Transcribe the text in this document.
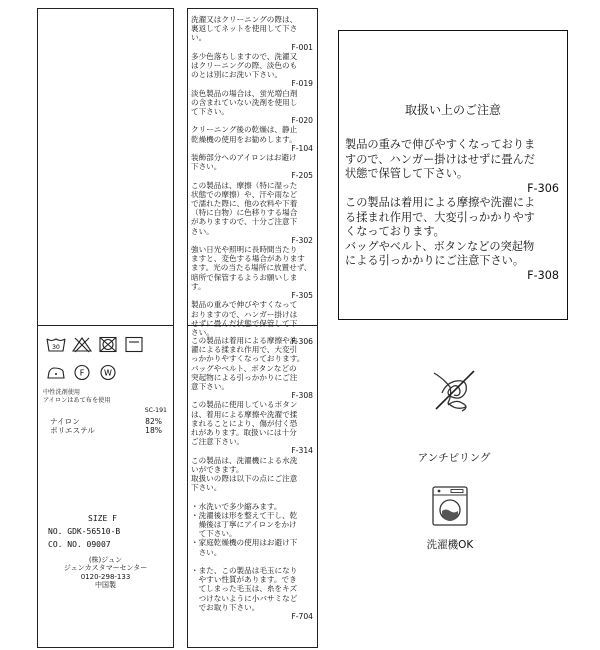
30
F W
中性洗剤使用
アイロンはあて布を使用
SC-191
ナイロン	82%
ポリエステル	18%
SIZE F
NO. GDK-56510-B
CO. NO. 09007
(株)ジュン
ジュンカスタマーセンター
0120-298-133
中国製
洗濯又はクリーニングの際は、
裏返してネットを使用して下さ
い。
F-001
多少色落ちしますので、洗濯又
はクリーニングの際、淡色のも
のとは別にお洗い下さい。
F-019
淡色製品の場合は、蛍光増白剤
の含まれていない洗剤を使用し
て下さい。
F-020
クリーニング後の乾燥は、静止
乾燥機の使用をお勧めします。
F-104
装飾部分へのアイロンはお避け
下さい。
F-205
この製品は、摩擦（特に湿った
状態での摩擦）や、汗や雨など
で濡れた際に、他の衣料や下着
（特に白物）に色移りする場合
がありますので、十分ご注意下
さい。
F-302
強い日光や照明に長時間当たり
ますと、変色する場合があります
ます。光の当たる場所に放置せず、
暗所で保管するようお願いしま
す。
F-305
製品の重みで伸びやすくなって
おりますので、ハンガー掛けは
せずに畳んだ状態で保管して下
さい。
F-306
この製品は着用による摩擦や洗
濯による揉まれ作用で、大変引
っかかりやすくなっております。
バッグやベルト、ボタンなどの
突起物による引っかかりにご注
意下さい。
F-308
この製品に使用しているボタン
は、着用による摩擦や洗濯で揉
まれることにより、傷が付く恐
れがあります。取扱いには十分
ご注意下さい。
F-314
この製品は、洗濯機による水洗
いができます。
取扱いの際は以下の点にご注意
下さい。

・水洗いで多少縮みます。
・洗濯後は形を整えて干し、乾
　燥後は丁寧にアイロンをかけ
　て下さい。
・家庭乾燥機の使用はお避け下
　さい。

・また、この製品は毛玉になり
　やすい性質があります。でき
　てしまった毛玉は、糸をキズ
　つけないように小バサミなど
　でお取り下さい。
F-704
取扱い上のご注意
製品の重みで伸びやすくなっておりま
すので、ハンガー掛けはせずに畳んだ
状態で保管して下さい。
F-306
この製品は着用による摩擦や洗濯によ
る揉まれ作用で、大変引っかかりやす
くなっております。
バッグやベルト、ボタンなどの突起物
による引っかかりにご注意下さい。
F-308
アンチピリング
洗濯機OK
